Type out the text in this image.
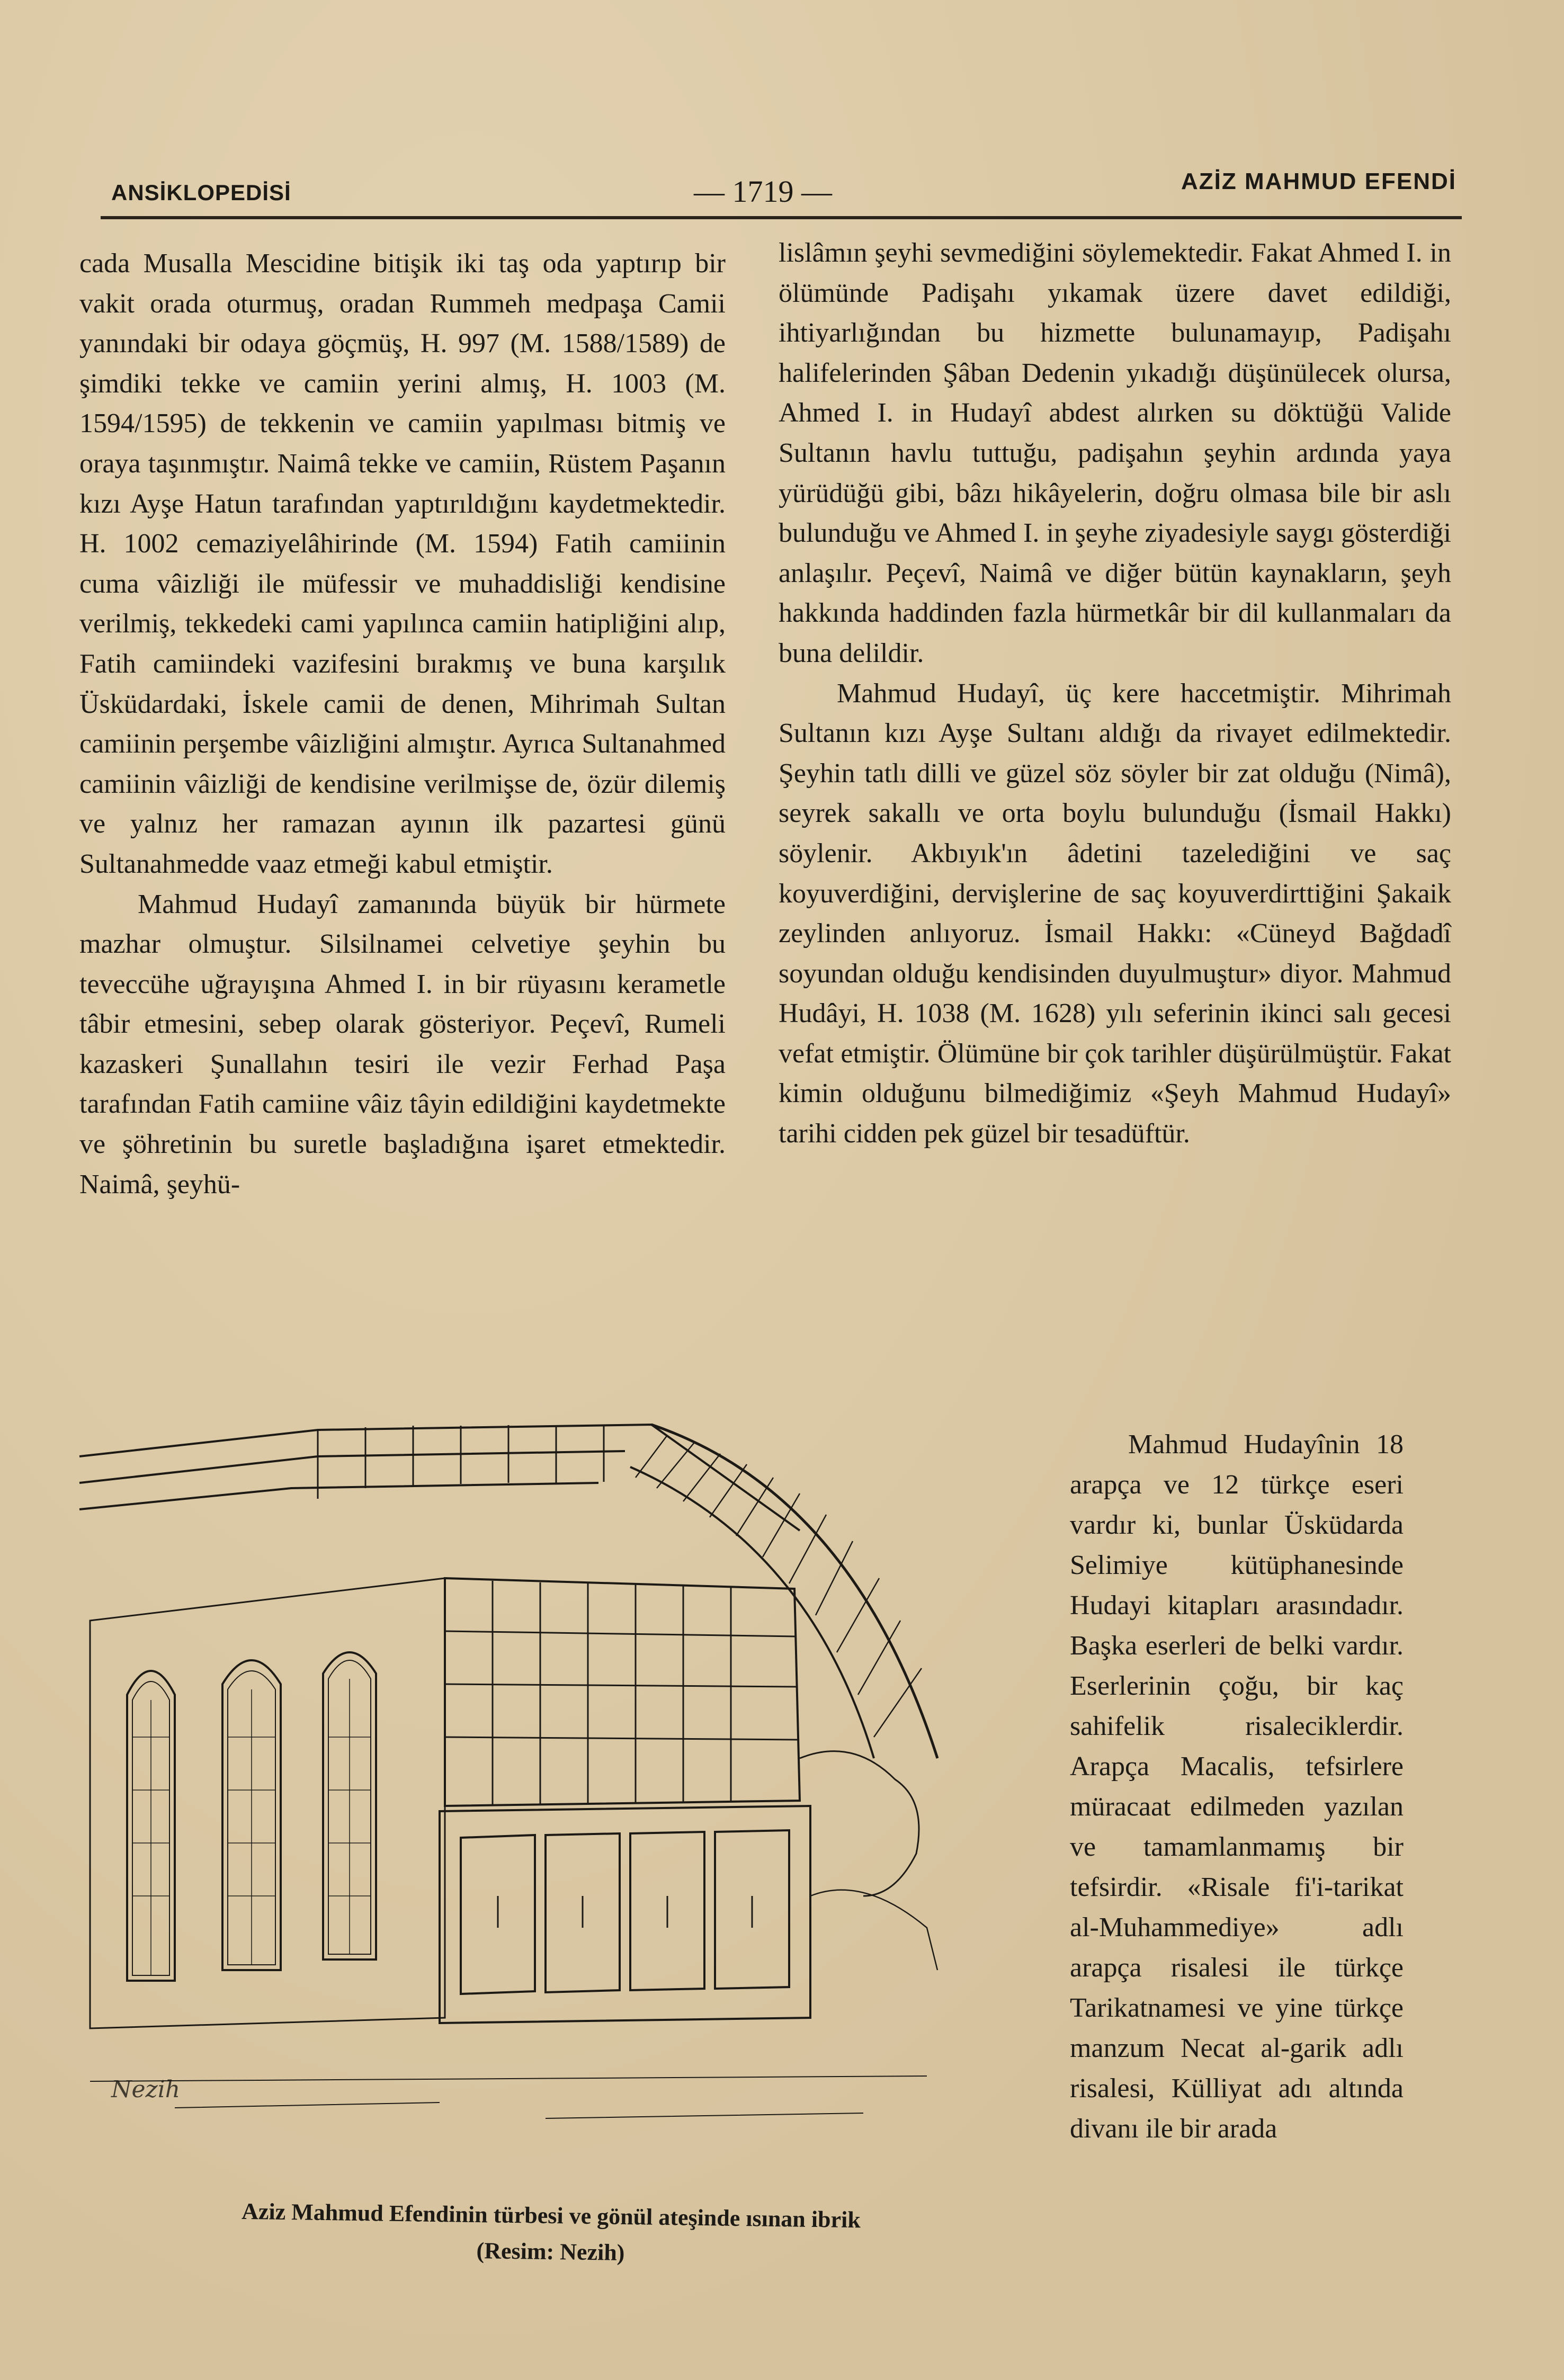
ANSİKLOPEDİSİ	— 1719 —	AZİZ MAHMUD EFENDİ

cada Musalla Mescidine bitişik iki taş oda yaptırıp bir vakit orada oturmuş, oradan Rummeh medpaşa Camii yanındaki bir odaya göçmüş, H. 997 (M. 1588/1589) de şimdiki tekke ve camiin yerini almış, H. 1003 (M. 1594/1595) de tekkenin ve camiin yapılması bitmiş ve oraya taşınmıştır. Naimâ tekke ve camiin, Rüstem Paşanın kızı Ayşe Hatun tarafından yaptırıldığını kaydetmektedir. H. 1002 cemaziyelâhirinde (M. 1594) Fatih camiinin cuma vâizliği ile müfessir ve muhaddisliği kendisine verilmiş, tekkedeki cami yapılınca camiin hatipliğini alıp, Fatih camiindeki vazifesini bırakmış ve buna karşılık Üsküdardaki, İskele camii de denen, Mihrimah Sultan camiinin perşembe vâizliğini almıştır. Ayrıca Sultanahmed camiinin vâizliği de kendisine verilmişse de, özür dilemiş ve yalnız her ramazan ayının ilk pazartesi günü Sultanahmedde vaaz etmeği kabul etmiştir.

Mahmud Hudayî zamanında büyük bir hürmete mazhar olmuştur. Silsilnamei celvetiye şeyhin bu teveccühe uğrayışına Ahmed I. in bir rüyasını kerametle tâbir etmesini, sebep olarak gösteriyor. Peçevî, Rumeli kazaskeri Şunallahın tesiri ile vezir Ferhad Paşa tarafından Fatih camiine vâiz tâyin edildiğini kaydetmekte ve şöhretinin bu suretle başladığına işaret etmektedir. Naimâ, şeyhü-

lislâmın şeyhi sevmediğini söylemektedir. Fakat Ahmed I. in ölümünde Padişahı yıkamak üzere davet edildiği, ihtiyarlığından bu hizmette bulunamayıp, Padişahı halifelerinden Şâban Dedenin yıkadığı düşünülecek olursa, Ahmed I. in Hudayî abdest alırken su döktüğü Valide Sultanın havlu tuttuğu, padişahın şeyhin ardında yaya yürüdüğü gibi, bâzı hikâyelerin, doğru olmasa bile bir aslı bulunduğu ve Ahmed I. in şeyhe ziyadesiyle saygı gösterdiği anlaşılır. Peçevî, Naimâ ve diğer bütün kaynakların, şeyh hakkında haddinden fazla hürmetkâr bir dil kullanmaları da buna delildir.

Mahmud Hudayî, üç kere haccetmiştir. Mihrimah Sultanın kızı Ayşe Sultanı aldığı da rivayet edilmektedir. Şeyhin tatlı dilli ve güzel söz söyler bir zat olduğu (Nimâ), seyrek sakallı ve orta boylu bulunduğu (İsmail Hakkı) söylenir. Akbıyık'ın âdetini tazelediğini ve saç koyuverdiğini, dervişlerine de saç koyuverdirttiğini Şakaik zeylinden anlıyoruz. İsmail Hakkı: «Cüneyd Bağdadî soyundan olduğu kendisinden duyulmuştur» diyor. Mahmud Hudâyi, H. 1038 (M. 1628) yılı seferinin ikinci salı gecesi vefat etmiştir. Ölümüne bir çok tarihler düşürülmüştür. Fakat kimin olduğunu bilmediğimiz «Şeyh Mahmud Hudayî» tarihi cidden pek güzel bir tesadüftür.

Mahmud Hudayînin 18 arapça ve 12 türkçe eseri vardır ki, bunlar Üsküdarda Selimiye kütüphanesinde Hudayi kitapları arasındadır. Başka eserleri de belki vardır. Eserlerinin çoğu, bir kaç sahifelik risaleciklerdir. Arapça Macalis, tefsirlere müracaat edilmeden yazılan ve tamamlanmamış bir tefsirdir. «Risale fi'i-tarikat al-Muhammediye» adlı arapça risalesi ile türkçe Tarikatnamesi ve yine türkçe manzum Necat al-garik adlı risalesi, Külliyat adı altında divanı ile bir arada

Nezih
Aziz Mahmud Efendinin türbesi ve gönül ateşinde ısınan ibrik
(Resim: Nezih)
